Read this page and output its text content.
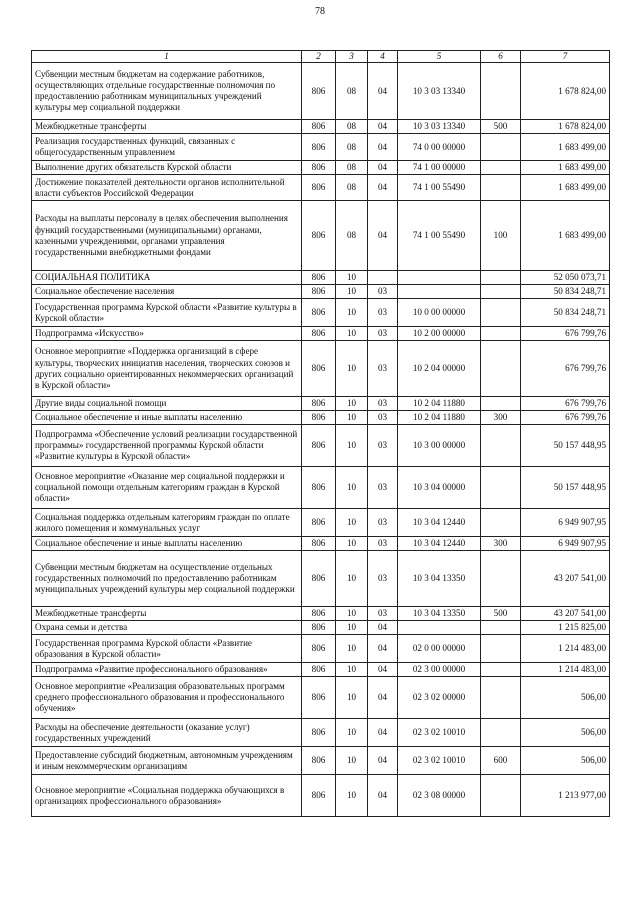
78
1	2	3	4	5	6	7
Субвенции местным бюджетам на содержание работников, осуществляющих отдельные государственные полномочия по предоставлению работникам муниципальных учреждений культуры мер социальной поддержки	806	08	04	10 3 03 13340		1 678 824,00
Межбюджетные трансферты	806	08	04	10 3 03 13340	500	1 678 824,00
Реализация государственных функций, связанных с общегосударственным управлением	806	08	04	74 0 00 00000		1 683 499,00
Выполнение других обязательств Курской области	806	08	04	74 1 00 00000		1 683 499,00
Достижение показателей деятельности органов исполнительной власти субъектов Российской Федерации	806	08	04	74 1 00 55490		1 683 499,00
Расходы на выплаты персоналу в целях обеспечения выполнения функций государственными (муниципальными) органами, казенными учреждениями, органами управления государственными внебюджетными фондами	806	08	04	74 1 00 55490	100	1 683 499,00
СОЦИАЛЬНАЯ ПОЛИТИКА	806	10				52 050 073,71
Социальное обеспечение населения	806	10	03			50 834 248,71
Государственная программа Курской области «Развитие культуры в Курской области»	806	10	03	10 0 00 00000		50 834 248,71
Подпрограмма «Искусство»	806	10	03	10 2 00 00000		676 799,76
Основное мероприятие «Поддержка организаций в сфере культуры, творческих инициатив населения, творческих союзов и других социально ориентированных некоммерческих организаций в Курской области»	806	10	03	10 2 04 00000		676 799,76
Другие виды социальной помощи	806	10	03	10 2 04 11880		676 799,76
Социальное обеспечение и иные выплаты населению	806	10	03	10 2 04 11880	300	676 799,76
Подпрограмма «Обеспечение условий реализации государственной программы» государственной программы Курской области «Развитие культуры в Курской области»	806	10	03	10 3 00 00000		50 157 448,95
Основное мероприятие «Оказание мер социальной поддержки и социальной помощи отдельным категориям граждан в Курской области»	806	10	03	10 3 04 00000		50 157 448,95
Социальная поддержка отдельным категориям граждан по оплате жилого помещения и коммунальных услуг	806	10	03	10 3 04 12440		6 949 907,95
Социальное обеспечение и иные выплаты населению	806	10	03	10 3 04 12440	300	6 949 907,95
Субвенции местным бюджетам на осуществление отдельных государственных полномочий по предоставлению работникам муниципальных учреждений культуры мер социальной поддержки	806	10	03	10 3 04 13350		43 207 541,00
Межбюджетные трансферты	806	10	03	10 3 04 13350	500	43 207 541,00
Охрана семьи и детства	806	10	04			1 215 825,00
Государственная программа Курской области «Развитие образования в Курской области»	806	10	04	02 0 00 00000		1 214 483,00
Подпрограмма «Развитие профессионального образования»	806	10	04	02 3 00 00000		1 214 483,00
Основное мероприятие «Реализация образовательных программ среднего профессионального образования и профессионального обучения»	806	10	04	02 3 02 00000		506,00
Расходы на обеспечение деятельности (оказание услуг) государственных учреждений	806	10	04	02 3 02 10010		506,00
Предоставление субсидий бюджетным, автономным учреждениям и иным некоммерческим организациям	806	10	04	02 3 02 10010	600	506,00
Основное мероприятие «Социальная поддержка обучающихся в организациях профессионального образования»	806	10	04	02 3 08 00000		1 213 977,00
